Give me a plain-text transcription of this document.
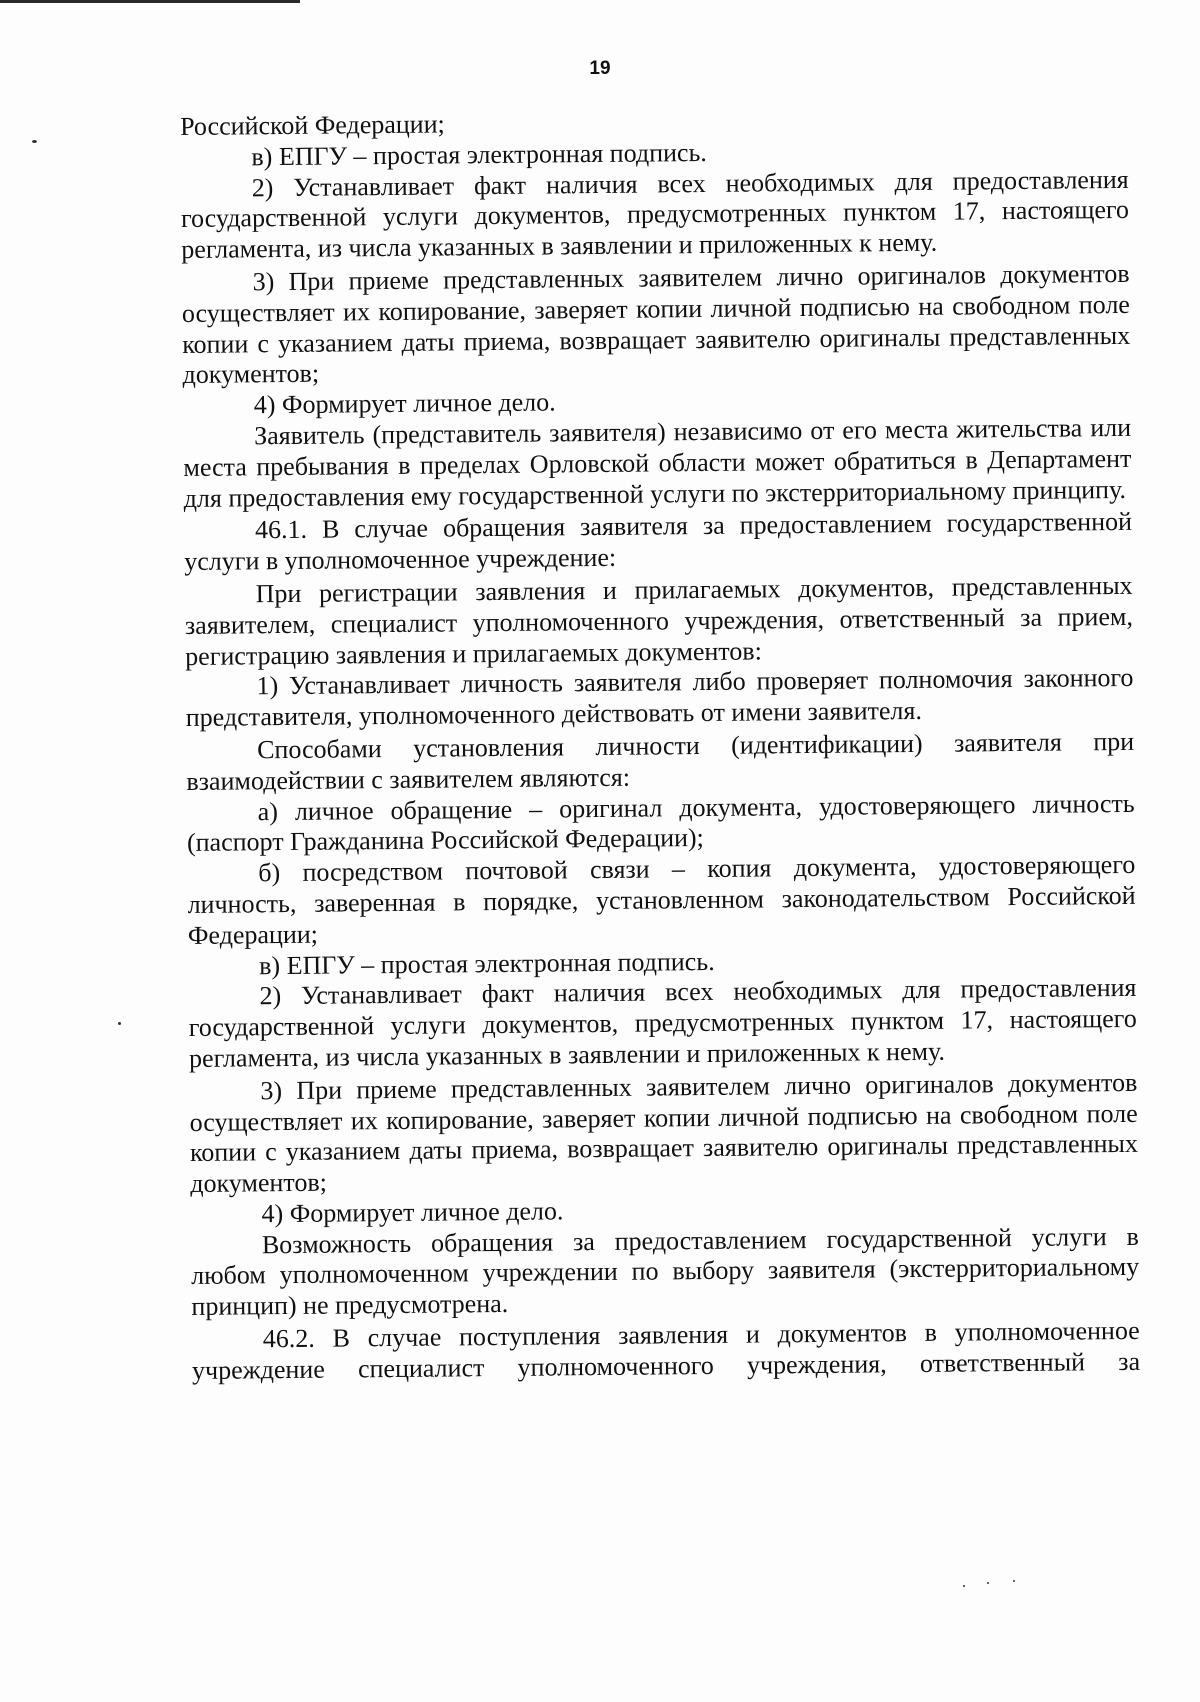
19

Российской Федерации;

в) ЕПГУ – простая электронная подпись.

2) Устанавливает факт наличия всех необходимых для предоставления государственной услуги документов, предусмотренных пунктом 17, настоящего регламента, из числа указанных в заявлении и приложенных к нему.

3) При приеме представленных заявителем лично оригиналов документов осуществляет их копирование, заверяет копии личной подписью на свободном поле копии с указанием даты приема, возвращает заявителю оригиналы представленных документов;

4) Формирует личное дело.

Заявитель (представитель заявителя) независимо от его места жительства или места пребывания в пределах Орловской области может обратиться в Департамент для предоставления ему государственной услуги по экстерриториальному принципу.

46.1. В случае обращения заявителя за предоставлением государственной услуги в уполномоченное учреждение:

При регистрации заявления и прилагаемых документов, представленных заявителем, специалист уполномоченного учреждения, ответственный за прием, регистрацию заявления и прилагаемых документов:

1) Устанавливает личность заявителя либо проверяет полномочия законного представителя, уполномоченного действовать от имени заявителя.

Способами установления личности (идентификации) заявителя при взаимодействии с заявителем являются:

а) личное обращение – оригинал документа, удостоверяющего личность (паспорт Гражданина Российской Федерации);

б) посредством почтовой связи – копия документа, удостоверяющего личность, заверенная в порядке, установленном законодательством Российской Федерации;

в) ЕПГУ – простая электронная подпись.

2) Устанавливает факт наличия всех необходимых для предоставления государственной услуги документов, предусмотренных пунктом 17, настоящего регламента, из числа указанных в заявлении и приложенных к нему.

3) При приеме представленных заявителем лично оригиналов документов осуществляет их копирование, заверяет копии личной подписью на свободном поле копии с указанием даты приема, возвращает заявителю оригиналы представленных документов;

4) Формирует личное дело.

Возможность обращения за предоставлением государственной услуги в любом уполномоченном учреждении по выбору заявителя (экстерриториальному принцип) не предусмотрена.

46.2. В случае поступления заявления и документов в уполномоченное учреждение специалист уполномоченного учреждения, ответственный за
